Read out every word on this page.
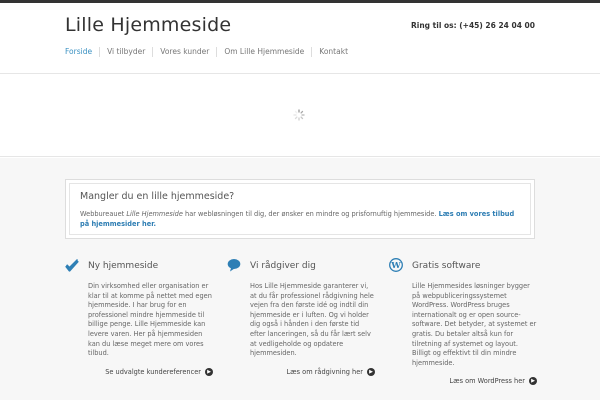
Lille Hjemmeside	Ring til os: (+45) 26 24 04 00
Forside	Vi tilbyder	Vores kunder	Om Lille Hjemmeside	Kontakt
Mangler du en lille hjemmeside?
Webbureauet Lille Hjemmeside har webløsningen til dig, der ønsker en mindre og prisfornuftig hjemmeside. Læs om vores tilbud på hjemmesider her.
Ny hjemmeside
Din virksomhed eller organisation er klar til at komme på nettet med egen hjemmeside. I har brug for en professionel mindre hjemmeside til billige penge. Lille Hjemmeside kan levere varen. Her på hjemmesiden kan du læse meget mere om vores tilbud.
Se udvalgte kundereferencer	▶
Vi rådgiver dig
Hos Lille Hjemmeside garanterer vi, at du får professionel rådgivning hele vejen fra den første idé og indtil din hjemmeside er i luften. Og vi holder dig også i hånden i den første tid efter lanceringen, så du får lært selv at vedligeholde og opdatere hjemmesiden.
Læs om rådgivning her	▶
W Gratis software
Lille Hjemmesides løsninger bygger på webpubliceringssystemet WordPress. WordPress bruges internationalt og er open source-software. Det betyder, at systemet er gratis. Du betaler altså kun for tilretning af systemet og layout. Billigt og effektivt til din mindre hjemmeside.
Læs om WordPress her	▶
